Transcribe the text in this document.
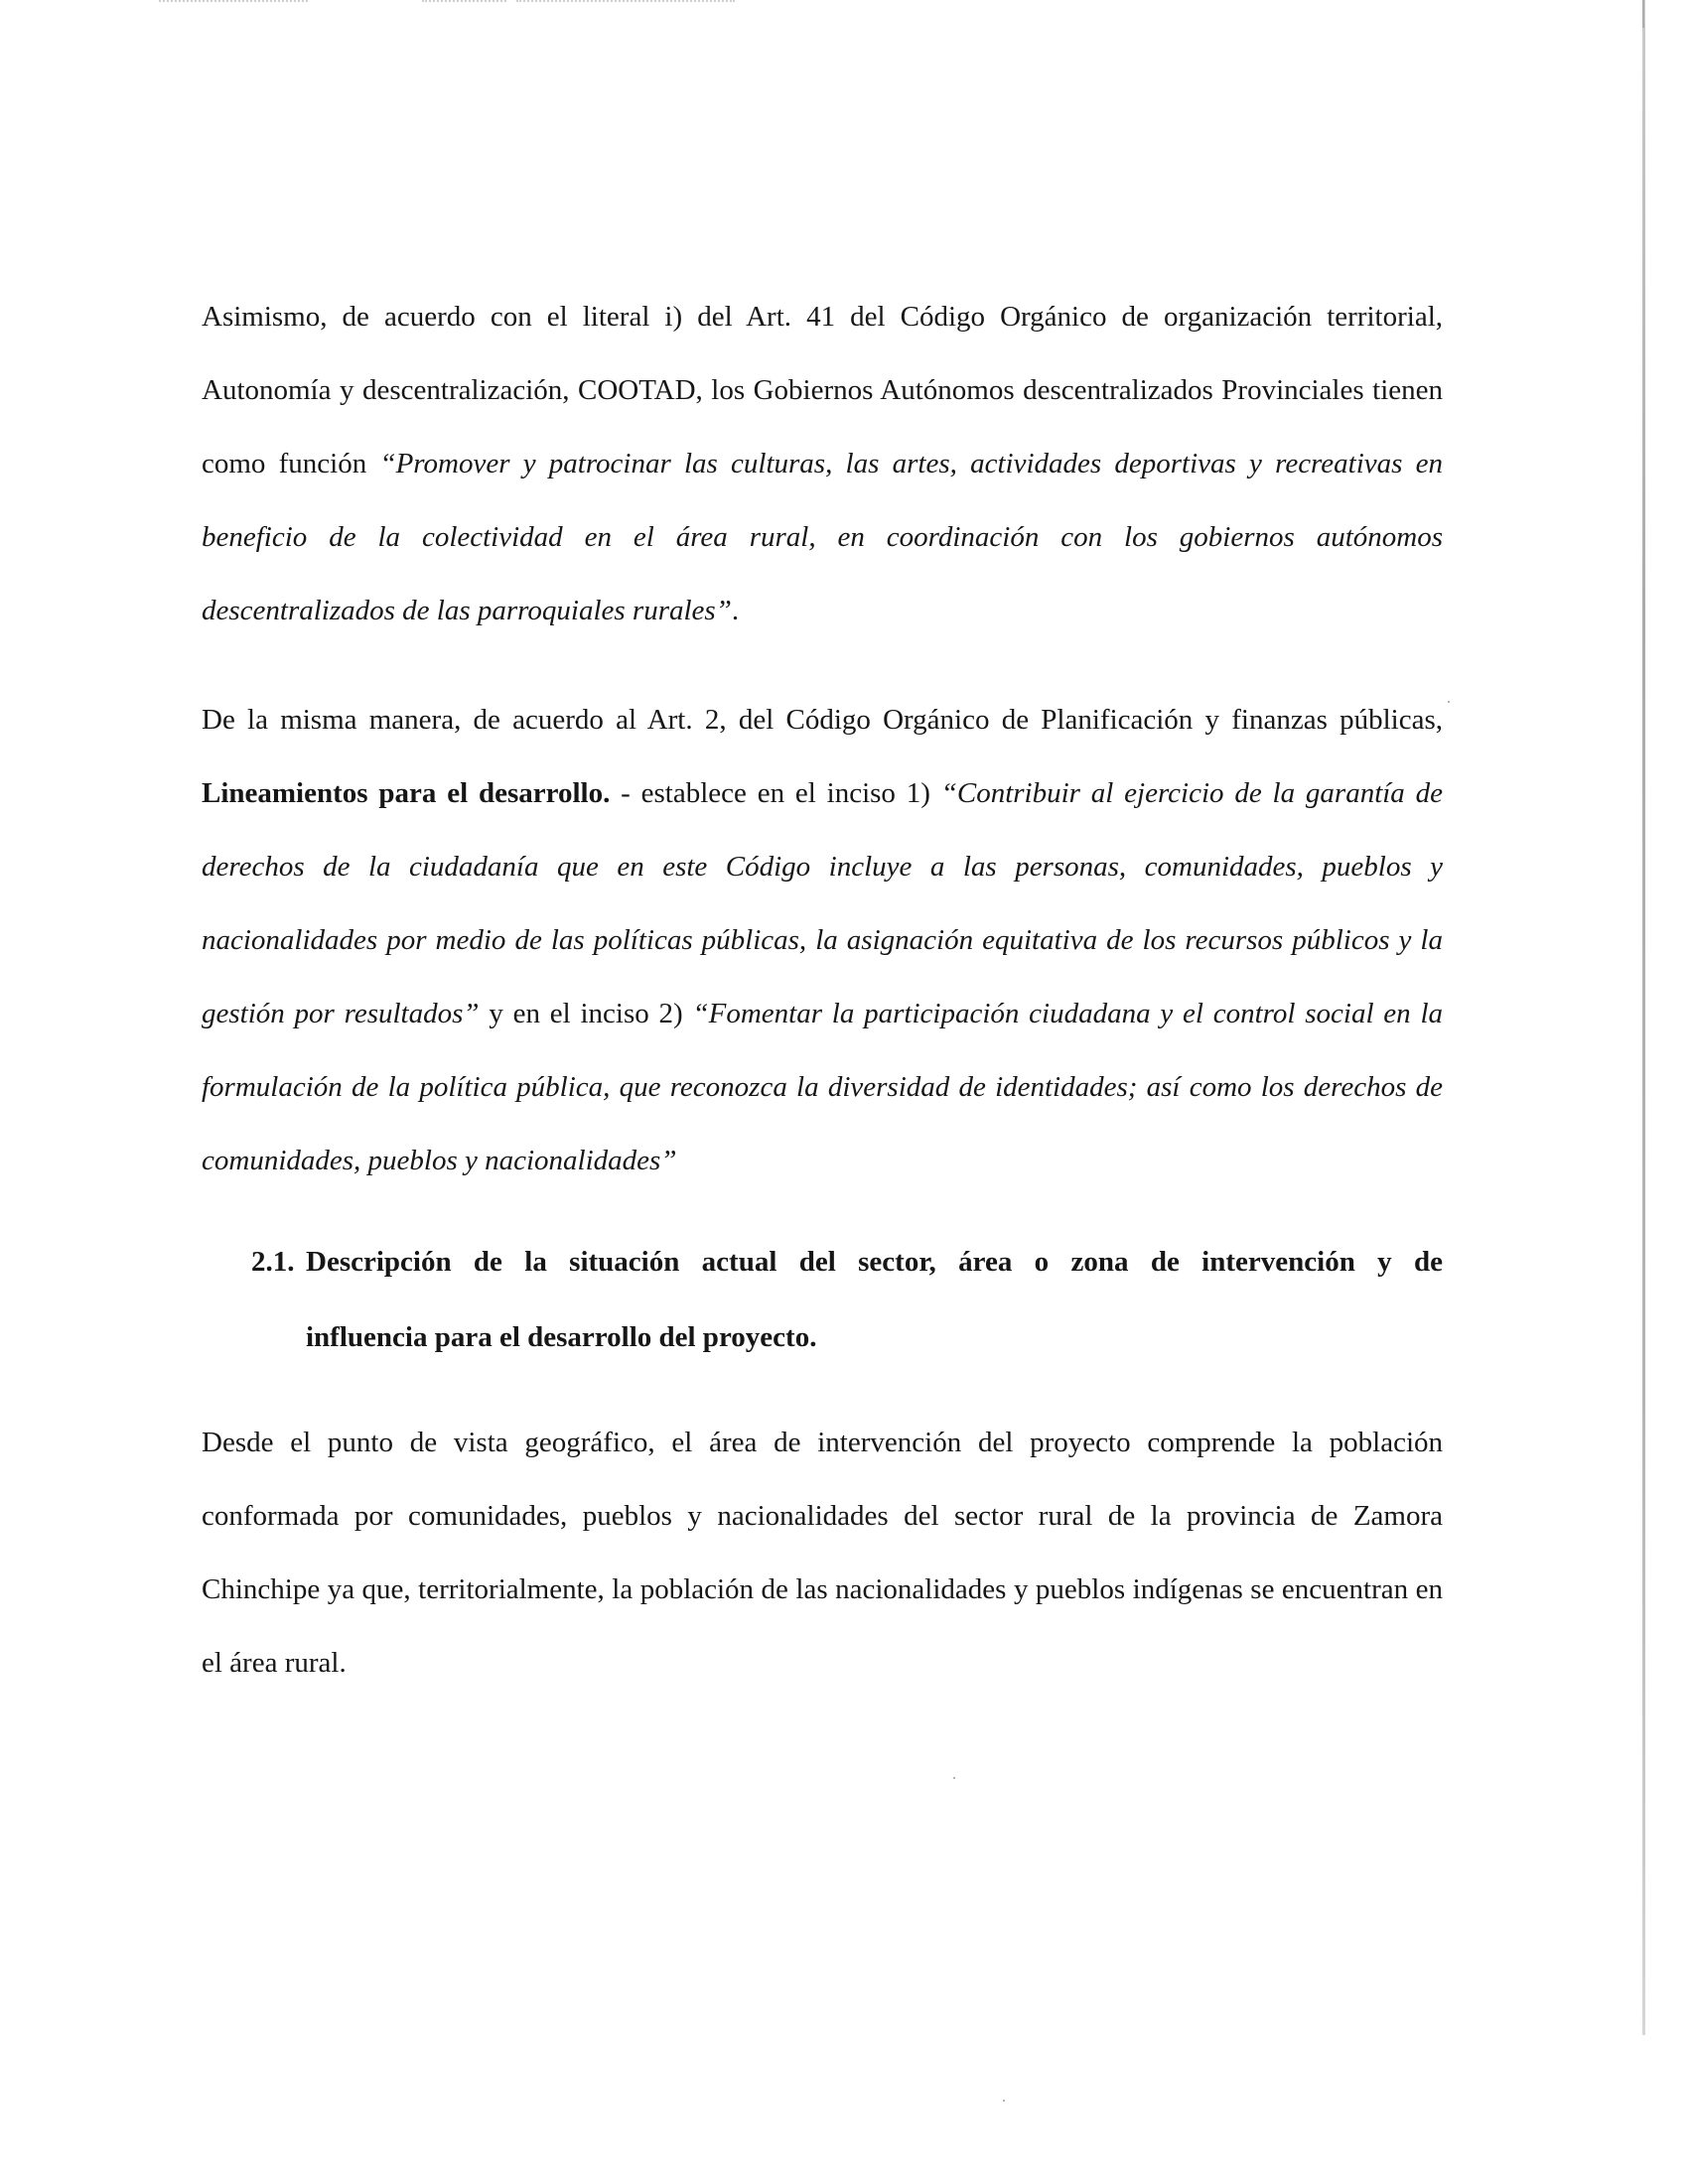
Asimismo, de acuerdo con el literal i) del Art. 41 del Código Orgánico de organización territorial, Autonomía y descentralización, COOTAD, los Gobiernos Autónomos descentralizados Provinciales tienen como función “Promover y patrocinar las culturas, las artes, actividades deportivas y recreativas en beneficio de la colectividad en el área rural, en coordinación con los gobiernos autónomos descentralizados de las parroquiales rurales”.

De la misma manera, de acuerdo al Art. 2, del Código Orgánico de Planificación y finanzas públicas, Lineamientos para el desarrollo. - establece en el inciso 1) “Contribuir al ejercicio de la garantía de derechos de la ciudadanía que en este Código incluye a las personas, comunidades, pueblos y nacionalidades por medio de las políticas públicas, la asignación equitativa de los recursos públicos y la gestión por resultados” y en el inciso 2) “Fomentar la participación ciudadana y el control social en la formulación de la política pública, que reconozca la diversidad de identidades; así como los derechos de comunidades, pueblos y nacionalidades”

2.1. Descripción de la situación actual del sector, área o zona de intervención y de
influencia para el desarrollo del proyecto.

Desde el punto de vista geográfico, el área de intervención del proyecto comprende la población conformada por comunidades, pueblos y nacionalidades del sector rural de la provincia de Zamora Chinchipe ya que, territorialmente, la población de las nacionalidades y pueblos indígenas se encuentran en el área rural.
